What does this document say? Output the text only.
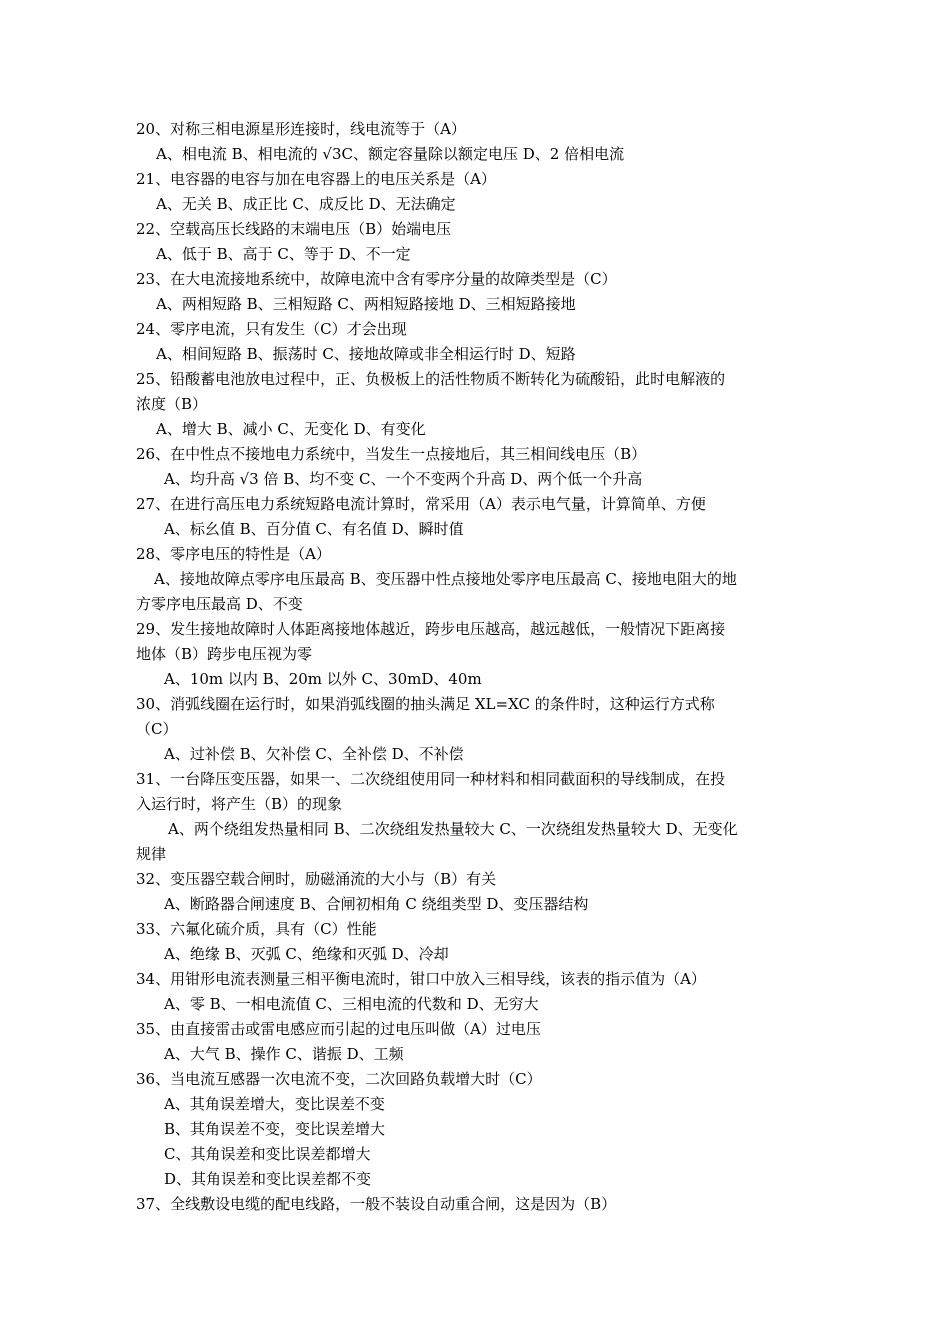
20、对称三相电源星形连接时，线电流等于（A）
A、相电流 B、相电流的 √3C、额定容量除以额定电压 D、2 倍相电流
21、电容器的电容与加在电容器上的电压关系是（A）
A、无关 B、成正比 C、成反比 D、无法确定
22、空载高压长线路的末端电压（B）始端电压
A、低于 B、高于 C、等于 D、不一定
23、在大电流接地系统中，故障电流中含有零序分量的故障类型是（C）
A、两相短路 B、三相短路 C、两相短路接地 D、三相短路接地
24、零序电流，只有发生（C）才会出现
A、相间短路 B、振荡时 C、接地故障或非全相运行时 D、短路
25、铅酸蓄电池放电过程中，正、负极板上的活性物质不断转化为硫酸铅，此时电解液的
浓度（B）
A、增大 B、减小 C、无变化 D、有变化
26、在中性点不接地电力系统中，当发生一点接地后，其三相间线电压（B）
A、均升高 √3 倍 B、均不变 C、一个不变两个升高 D、两个低一个升高
27、在进行高压电力系统短路电流计算时，常采用（A）表示电气量，计算简单、方便
A、标幺值 B、百分值 C、有名值 D、瞬时值
28、零序电压的特性是（A）
A、接地故障点零序电压最高 B、变压器中性点接地处零序电压最高 C、接地电阻大的地
方零序电压最高 D、不变
29、发生接地故障时人体距离接地体越近，跨步电压越高，越远越低，一般情况下距离接
地体（B）跨步电压视为零
A、10m 以内 B、20m 以外 C、30mD、40m
30、消弧线圈在运行时，如果消弧线圈的抽头满足 XL=XC 的条件时，这种运行方式称
（C）
A、过补偿 B、欠补偿 C、全补偿 D、不补偿
31、一台降压变压器，如果一、二次绕组使用同一种材料和相同截面积的导线制成，在投
入运行时，将产生（B）的现象
A、两个绕组发热量相同 B、二次绕组发热量较大 C、一次绕组发热量较大 D、无变化
规律
32、变压器空载合闸时，励磁涌流的大小与（B）有关
A、断路器合闸速度 B、合闸初相角 C 绕组类型 D、变压器结构
33、六氟化硫介质，具有（C）性能
A、绝缘 B、灭弧 C、绝缘和灭弧 D、冷却
34、用钳形电流表测量三相平衡电流时，钳口中放入三相导线，该表的指示值为（A）
A、零 B、一相电流值 C、三相电流的代数和 D、无穷大
35、由直接雷击或雷电感应而引起的过电压叫做（A）过电压
A、大气 B、操作 C、谐振 D、工频
36、当电流互感器一次电流不变，二次回路负载增大时（C）
A、其角误差增大，变比误差不变
B、其角误差不变，变比误差增大
C、其角误差和变比误差都增大
D、其角误差和变比误差都不变
37、全线敷设电缆的配电线路，一般不装设自动重合闸，这是因为（B）
